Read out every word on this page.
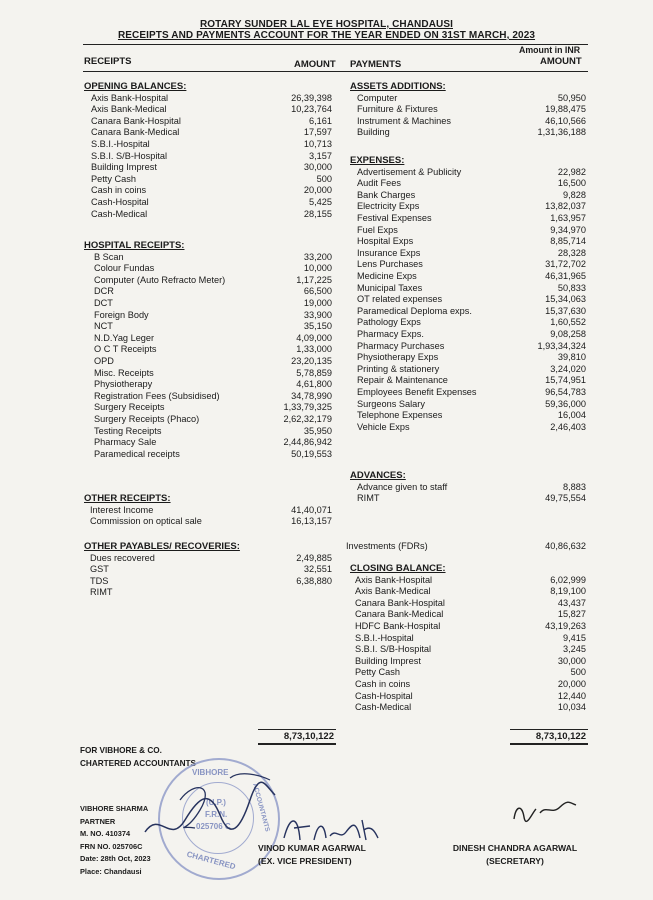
ROTARY SUNDER LAL EYE HOSPITAL, CHANDAUSI
RECEIPTS AND PAYMENTS ACCOUNT FOR THE YEAR ENDED ON 31ST MARCH, 2023
Amount in INR
RECEIPTS	AMOUNT PAYMENTS	AMOUNT
OPENING BALANCES:
Axis Bank-Hospital	26,39,398
Axis Bank-Medical	10,23,764
Canara Bank-Hospital	6,161
Canara Bank-Medical	17,597
S.B.I.-Hospital	10,713
S.B.I. S/B-Hospital	3,157
Building Imprest	30,000
Petty Cash	500
Cash in coins	20,000
Cash-Hospital	5,425
Cash-Medical	28,155
HOSPITAL RECEIPTS:
B Scan	33,200
Colour Fundas	10,000
Computer (Auto Refracto Meter)	1,17,225
DCR	66,500
DCT	19,000
Foreign Body	33,900
NCT	35,150
N.D.Yag Leger	4,09,000
O C T Receipts	1,33,000
OPD	23,20,135
Misc. Receipts	5,78,859
Physiotherapy	4,61,800
Registration Fees (Subsidised)	34,78,990
Surgery Receipts	1,33,79,325
Surgery Receipts (Phaco)	2,62,32,179
Testing Receipts	35,950
Pharmacy Sale	2,44,86,942
Paramedical receipts	50,19,553
OTHER RECEIPTS:
Interest Income	41,40,071
Commission on optical sale	16,13,157
OTHER PAYABLES/ RECOVERIES:
Dues recovered	2,49,885
GST	32,551
TDS	6,38,880
RIMT
ASSETS ADDITIONS:
Computer	50,950
Furniture & Fixtures	19,88,475
Instrument & Machines	46,10,566
Building	1,31,36,188
EXPENSES:
Advertisement & Publicity	22,982
Audit Fees	16,500
Bank Charges	9,828
Electricity Exps	13,82,037
Festival Expenses	1,63,957
Fuel Exps	9,34,970
Hospital Exps	8,85,714
Insurance Exps	28,328
Lens Purchases	31,72,702
Medicine Exps	46,31,965
Municipal Taxes	50,833
OT related expenses	15,34,063
Paramedical Deploma exps.	15,37,630
Pathology Exps	1,60,552
Pharmacy Exps.	9,08,258
Pharmacy Purchases	1,93,34,324
Physiotherapy Exps	39,810
Printing & stationery	3,24,020
Repair & Maintenance	15,74,951
Employees Benefit Expenses	96,54,783
Surgeons Salary	59,36,000
Telephone Expenses	16,004
Vehicle Exps	2,46,403
ADVANCES:
Advance given to staff	8,883
RIMT	49,75,554
CLOSING BALANCE:
Axis Bank-Hospital	6,02,999
Axis Bank-Medical	8,19,100
Canara Bank-Hospital	43,437
Canara Bank-Medical	15,827
HDFC Bank-Hospital	43,19,263
S.B.I.-Hospital	9,415
S.B.I. S/B-Hospital	3,245
Building Imprest	30,000
Petty Cash	500
Cash in coins	20,000
Cash-Hospital	12,440
Cash-Medical	10,034
Investments (FDRs)	40,86,632
8,73,10,122	8,73,10,122
FOR VIBHORE & CO.
CHARTERED ACCOUNTANTS
VIBHORE SHARMA
PARTNER
M. NO. 410374
FRN NO. 025706C
Date: 28th Oct, 2023
Place: Chandausi
VIBHORE
ACCOUNTANTS
CHARTERED
(U.P.)
F.R.N.
025706 C
VINOD KUMAR AGARWAL
(EX. VICE PRESIDENT)
DINESH CHANDRA AGARWAL
(SECRETARY)
